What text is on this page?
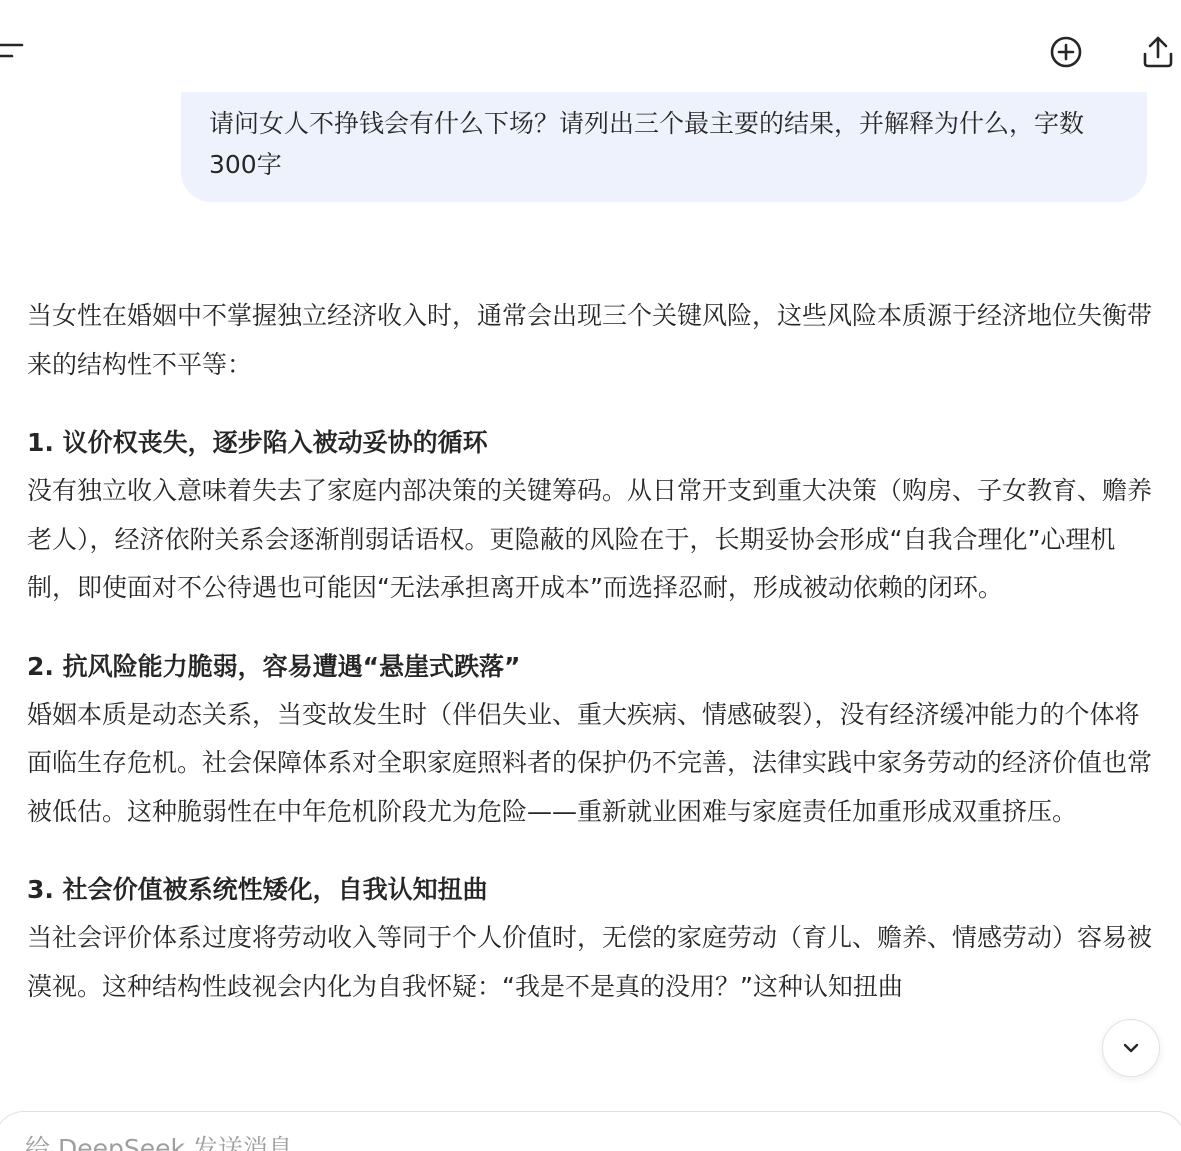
请问女人不挣钱会有什么下场？请列出三个最主要的结果，并解释为什么，字数300字

当女性在婚姻中不掌握独立经济收入时，通常会出现三个关键风险，这些风险本质源于经济地位失衡带来的结构性不平等：

1. 议价权丧失，逐步陷入被动妥协的循环

没有独立收入意味着失去了家庭内部决策的关键筹码。从日常开支到重大决策（购房、子女教育、赡养老人），经济依附关系会逐渐削弱话语权。更隐蔽的风险在于，长期妥协会形成“自我合理化”心理机制，即使面对不公待遇也可能因“无法承担离开成本”而选择忍耐，形成被动依赖的闭环。

2. 抗风险能力脆弱，容易遭遇“悬崖式跌落”

婚姻本质是动态关系，当变故发生时（伴侣失业、重大疾病、情感破裂），没有经济缓冲能力的个体将面临生存危机。社会保障体系对全职家庭照料者的保护仍不完善，法律实践中家务劳动的经济价值也常被低估。这种脆弱性在中年危机阶段尤为危险——重新就业困难与家庭责任加重形成双重挤压。

3. 社会价值被系统性矮化，自我认知扭曲

当社会评价体系过度将劳动收入等同于个人价值时，无偿的家庭劳动（育儿、赡养、情感劳动）容易被漠视。这种结构性歧视会内化为自我怀疑：“我是不是真的没用？”这种认知扭曲

给 DeepSeek 发送消息
